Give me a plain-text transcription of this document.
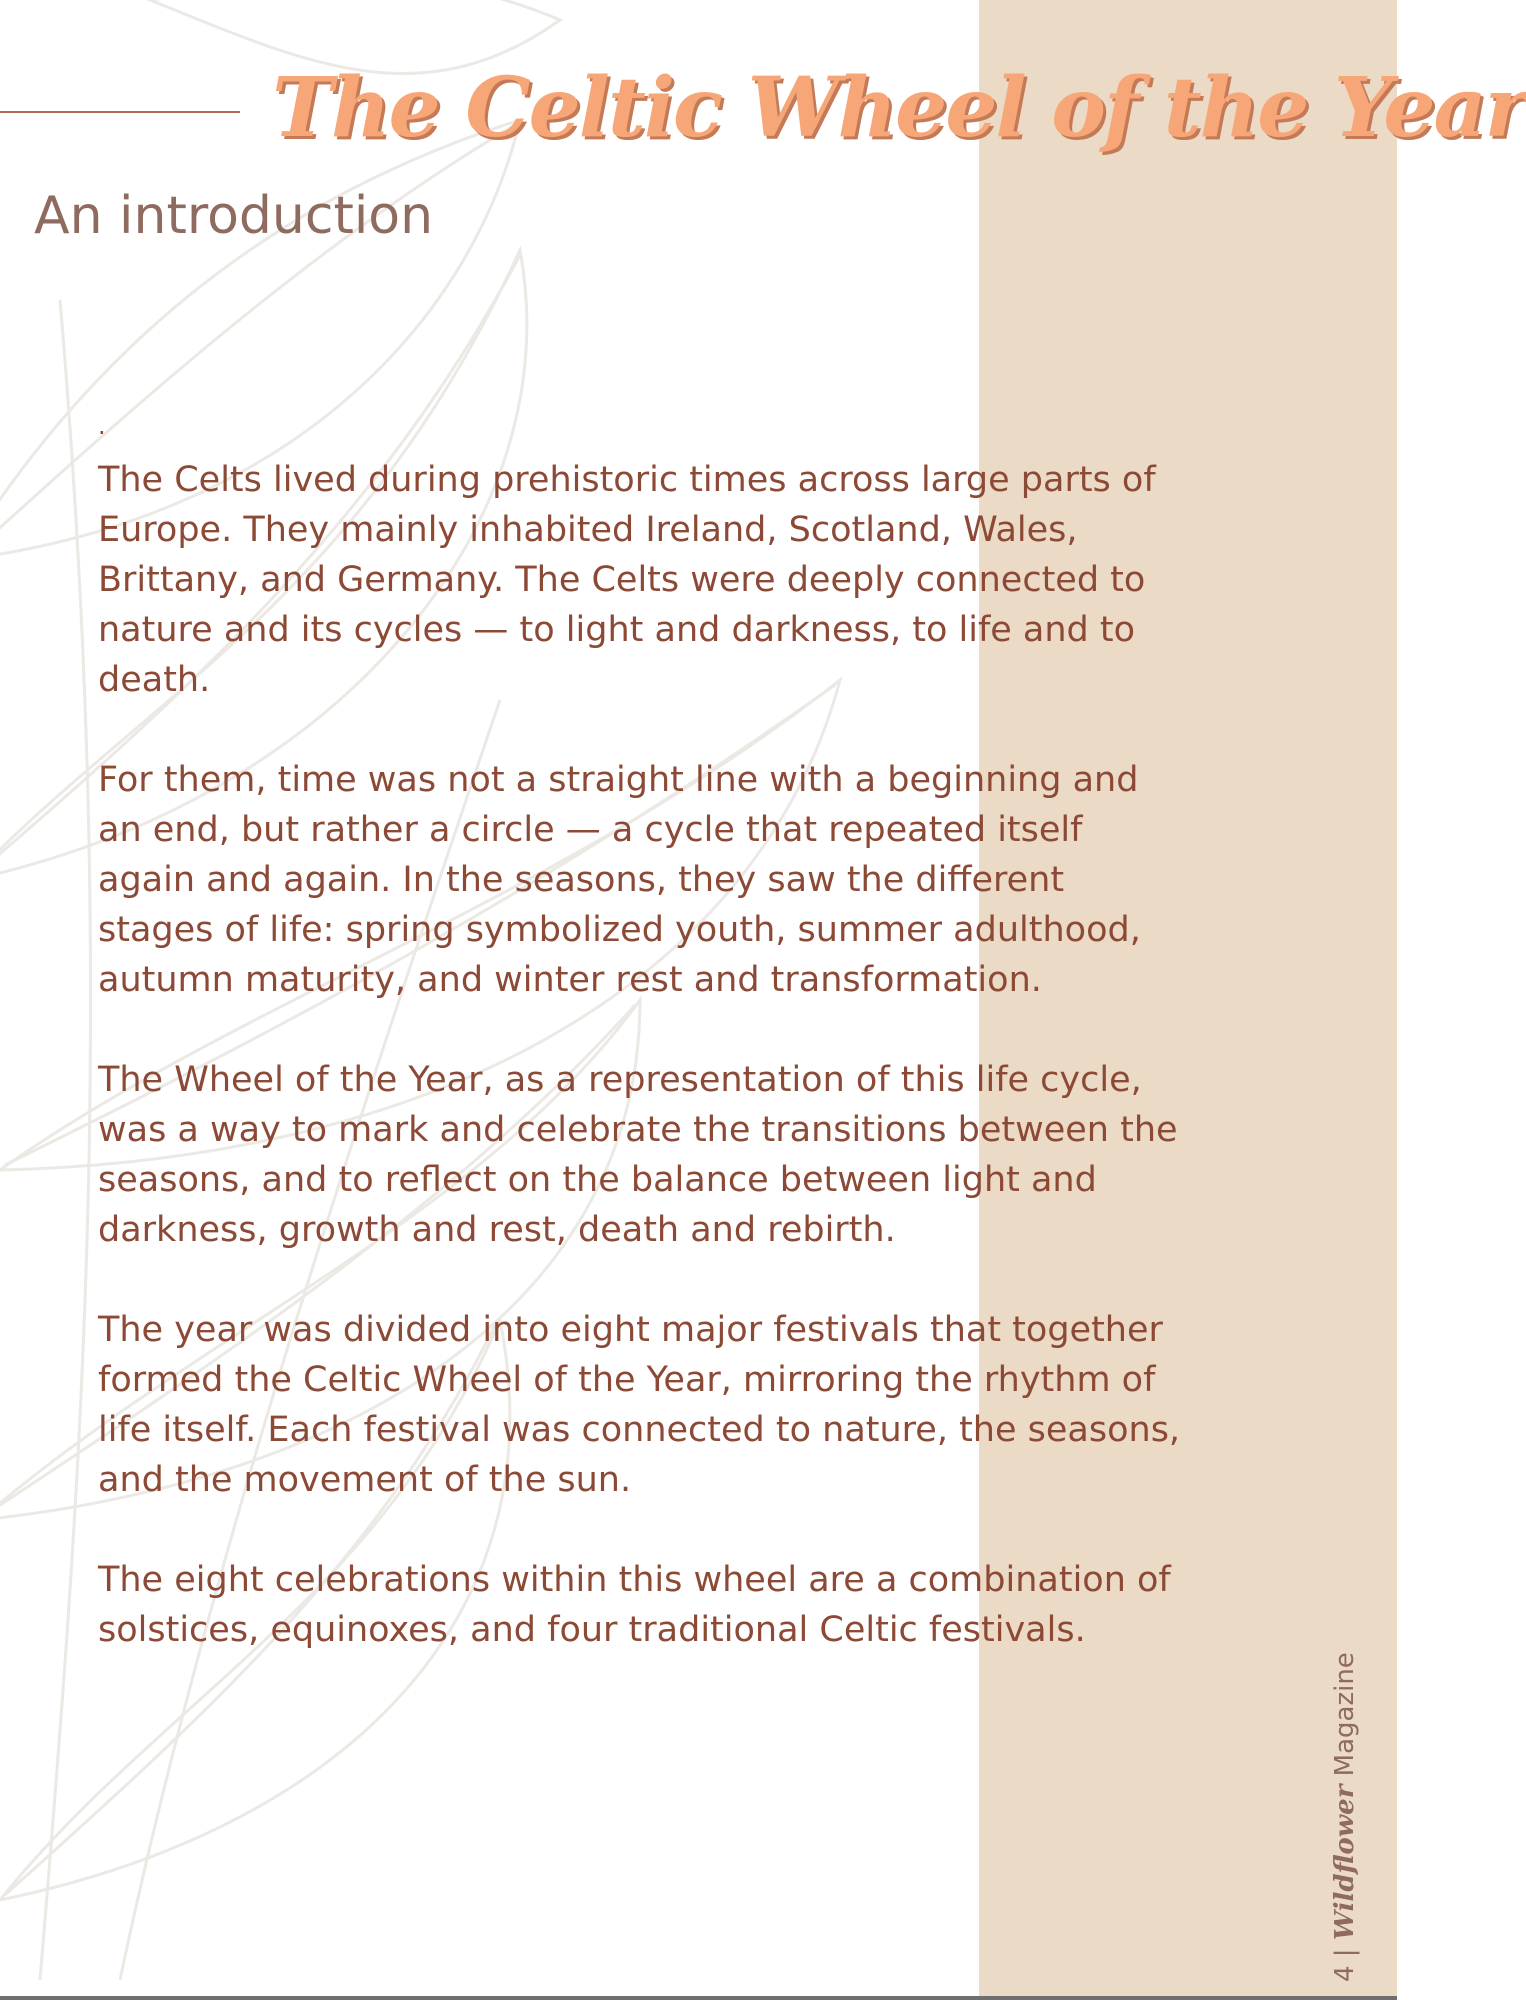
The Celtic Wheel of the Year
An introduction
.

The Celts lived during prehistoric times across large parts of
Europe. They mainly inhabited Ireland, Scotland, Wales,
Brittany, and Germany. The Celts were deeply connected to
nature and its cycles — to light and darkness, to life and to
death.

For them, time was not a straight line with a beginning and
an end, but rather a circle — a cycle that repeated itself
again and again. In the seasons, they saw the different
stages of life: spring symbolized youth, summer adulthood,
autumn maturity, and winter rest and transformation.

The Wheel of the Year, as a representation of this life cycle,
was a way to mark and celebrate the transitions between the
seasons, and to reflect on the balance between light and
darkness, growth and rest, death and rebirth.

The year was divided into eight major festivals that together
formed the Celtic Wheel of the Year, mirroring the rhythm of
life itself. Each festival was connected to nature, the seasons,
and the movement of the sun.

The eight celebrations within this wheel are a combination of
solstices, equinoxes, and four traditional Celtic festivals.

4 | Wildflower Magazine
